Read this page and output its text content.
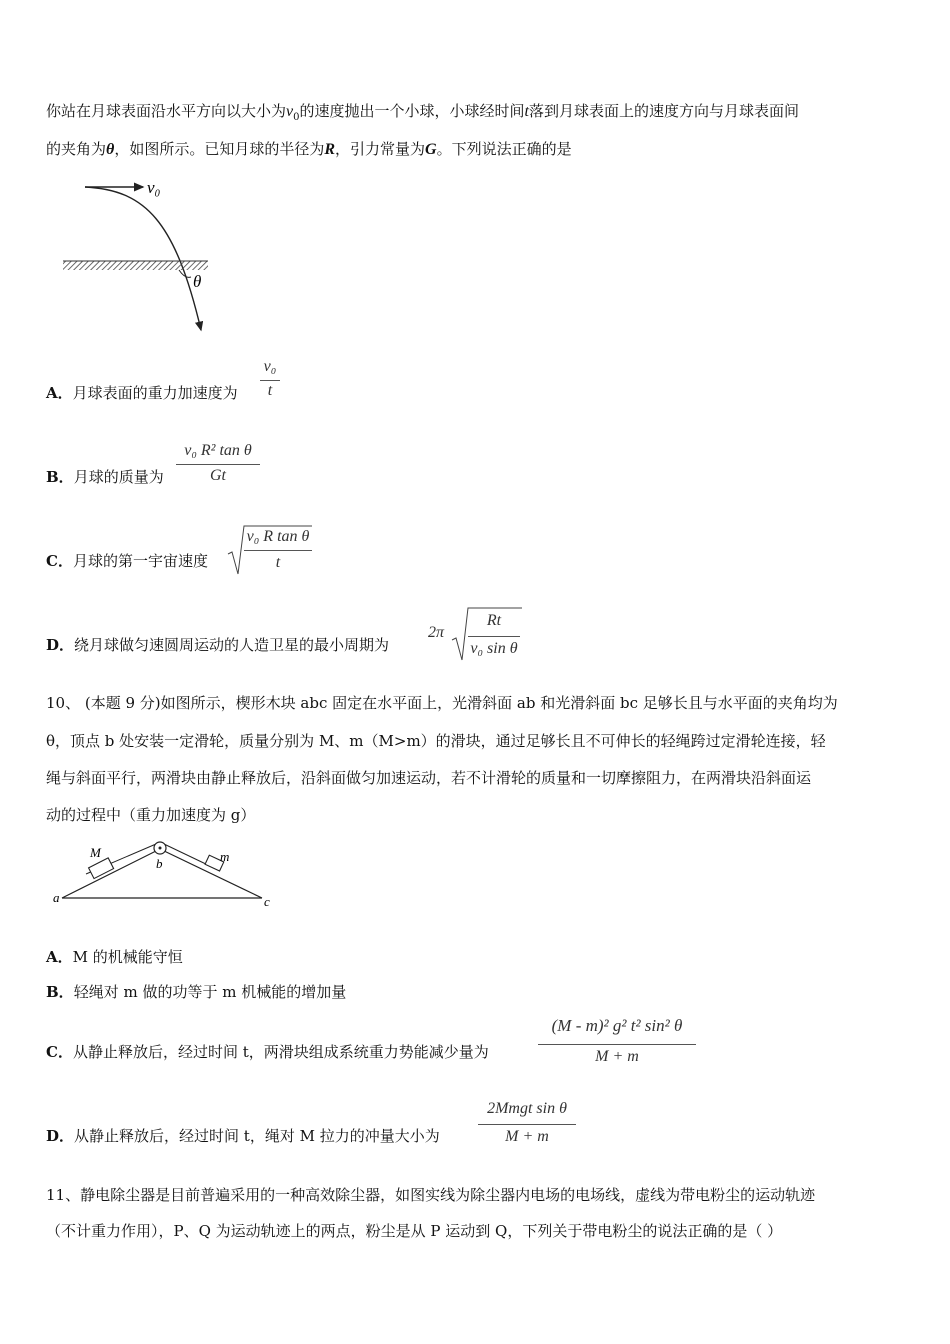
你站在月球表面沿水平方向以大小为$v_0$的速度抛出一个小球，小球经时间t落到月球表面上的速度方向与月球表面间
的夹角为θ，如图所示。已知月球的半径为R，引力常量为G。下列说法正确的是
v₀
θ
A．月球表面的重力加速度为
v₀
t
B．月球的质量为
v₀ R² tan θ
Gt
C．月球的第一宇宙速度
v₀ R tan θ
t
D．绕月球做匀速圆周运动的人造卫星的最小周期为
2π
Rt
v₀ sin θ
10、 (本题 9 分)如图所示，楔形木块 abc 固定在水平面上，光滑斜面 ab 和光滑斜面 bc 足够长且与水平面的夹角均为
θ，顶点 b 处安装一定滑轮，质量分别为 M、m（M>m）的滑块，通过足够长且不可伸长的轻绳跨过定滑轮连接，轻
绳与斜面平行，两滑块由静止释放后，沿斜面做匀加速运动，若不计滑轮的质量和一切摩擦阻力，在两滑块沿斜面运
动的过程中（重力加速度为 g）
M	m
a
b
c
A．M 的机械能守恒
B．轻绳对 m 做的功等于 m 机械能的增加量
C．从静止释放后，经过时间 t，两滑块组成系统重力势能减少量为
(M - m)² g² t² sin² θ
M + m
D．从静止释放后，经过时间 t，绳对 M 拉力的冲量大小为
2Mmgt sin θ
M + m
11、静电除尘器是目前普遍采用的一种高效除尘器，如图实线为除尘器内电场的电场线，虚线为带电粉尘的运动轨迹
（不计重力作用），P、Q 为运动轨迹上的两点，粉尘是从 P 运动到 Q，下列关于带电粉尘的说法正确的是（ ）
